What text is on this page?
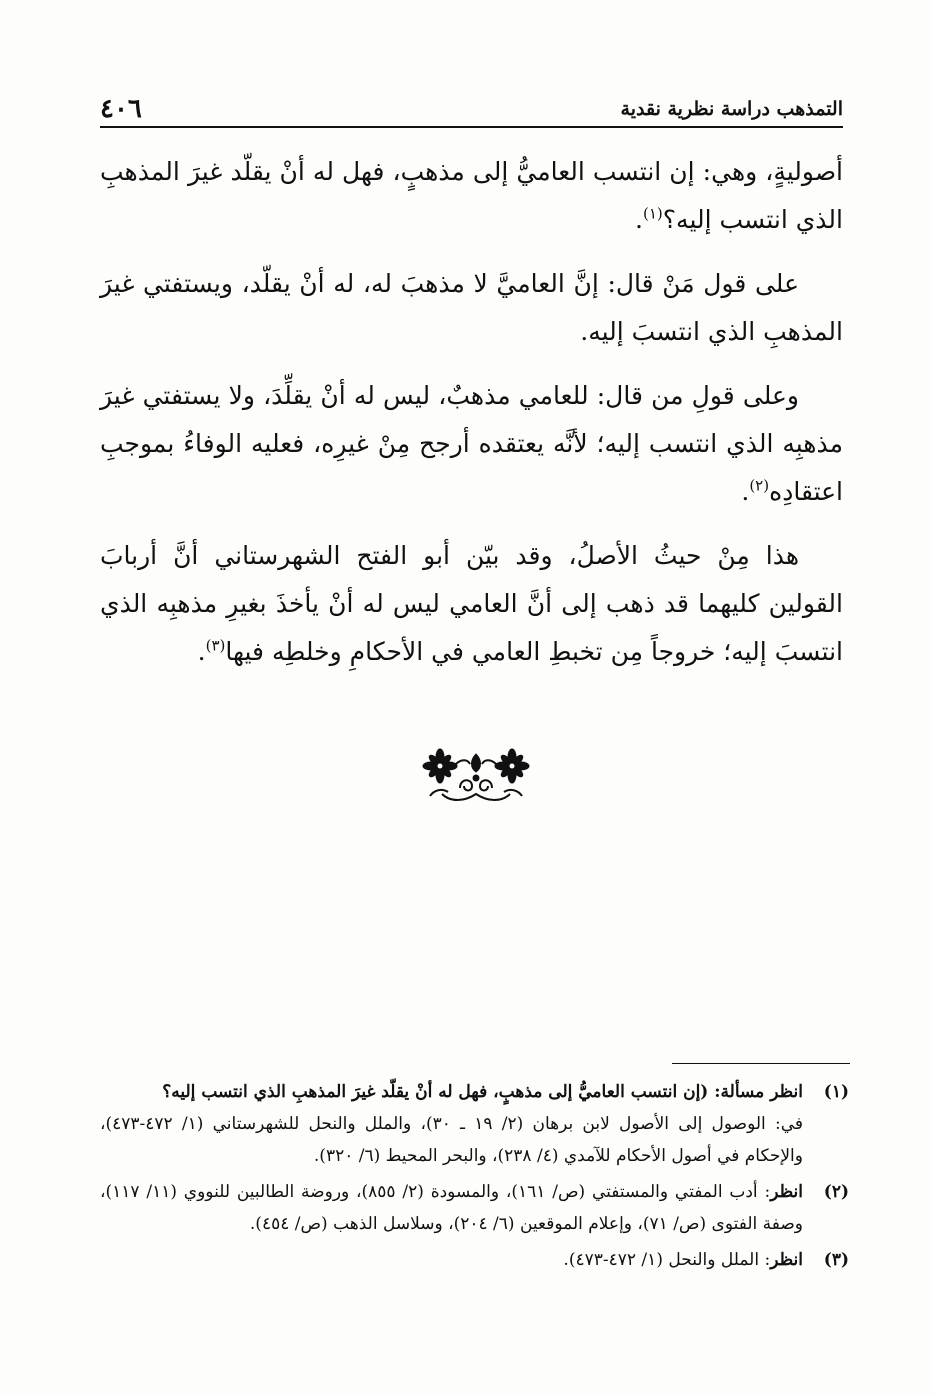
التمذهب دراسة نظرية نقدية
٤٠٦

أصوليةٍ، وهي: إن انتسب العاميُّ إلى مذهبٍ، فهل له أنْ يقلّد غيرَ المذهبِ الذي انتسب إليه؟$^{(١)}$.

على قول مَنْ قال: إنَّ العاميَّ لا مذهبَ له، له أنْ يقلّد، ويستفتي غيرَ المذهبِ الذي انتسبَ إليه.

وعلى قولِ من قال: للعامي مذهبٌ، ليس له أنْ يقلِّدَ، ولا يستفتي غيرَ مذهبِه الذي انتسب إليه؛ لأنَّه يعتقده أرجح مِنْ غيرِه، فعليه الوفاءُ بموجبِ اعتقادِه$^{(٢)}$.

هذا مِنْ حيثُ الأصلُ، وقد بيّن أبو الفتح الشهرستاني أنَّ أربابَ القولين كليهما قد ذهب إلى أنَّ العامي ليس له أنْ يأخذَ بغيرِ مذهبِه الذي انتسبَ إليه؛ خروجاً مِن تخبطِ العامي في الأحكامِ وخلطِه فيها$^{(٣)}$.

(١)
انظر مسألة: (إن انتسب العاميُّ إلى مذهبٍ، فهل له أنْ يقلّد غيرَ المذهبِ الذي انتسب إليه؟
في: الوصول إلى الأصول لابن برهان (٢/ ١٩ ـ ٣٠)، والملل والنحل للشهرستاني (١/ ٤٧٢-٤٧٣)، والإحكام في أصول الأحكام للآمدي (٤/ ٢٣٨)، والبحر المحيط (٦/ ٣٢٠).
(٢)
انظر: أدب المفتي والمستفتي (ص/ ١٦١)، والمسودة (٢/ ٨٥٥)، وروضة الطالبين للنووي (١١/ ١١٧)، وصفة الفتوى (ص/ ٧١)، وإعلام الموقعين (٦/ ٢٠٤)، وسلاسل الذهب (ص/ ٤٥٤).
(٣)
انظر: الملل والنحل (١/ ٤٧٢-٤٧٣).
